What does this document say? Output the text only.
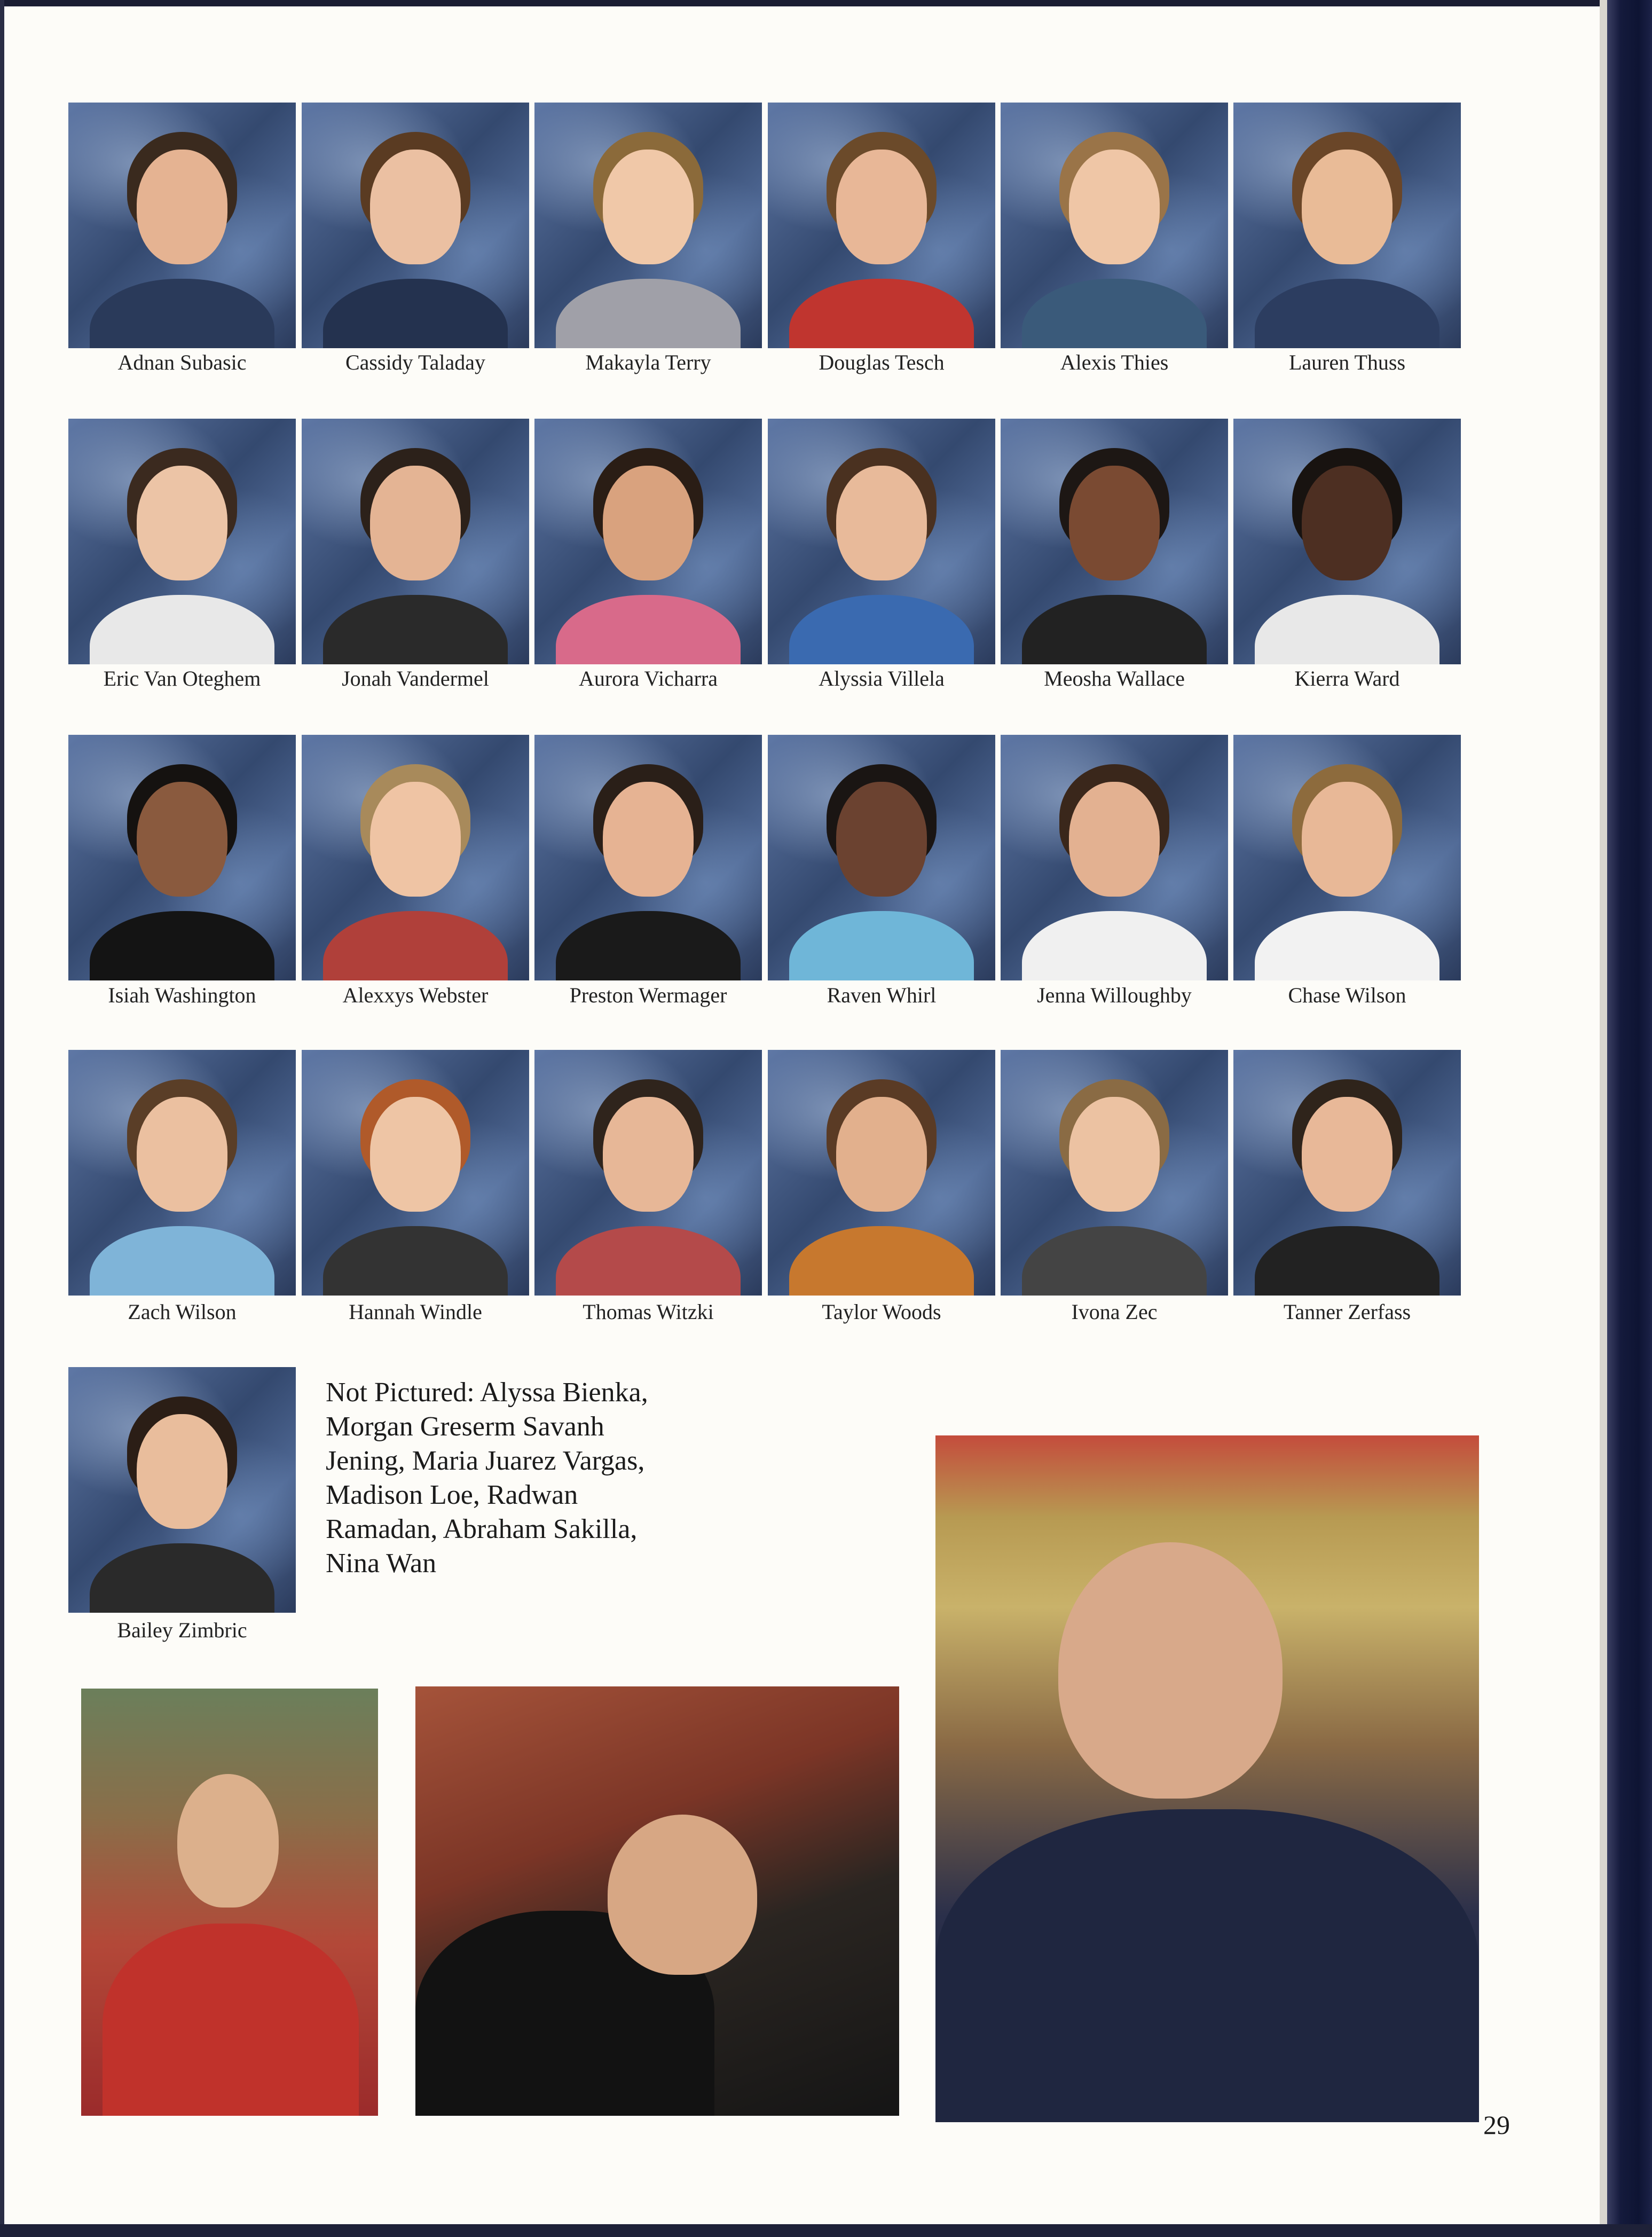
Adnan Subasic	Cassidy Taladay	Makayla Terry	Douglas Tesch	Alexis Thies	Lauren Thuss
Eric Van Oteghem	Jonah Vandermel	Aurora Vicharra	Alyssia Villela	Meosha Wallace	Kierra Ward
Isiah Washington	Alexxys Webster	Preston Wermager	Raven Whirl	Jenna Willoughby	Chase Wilson
Zach Wilson	Hannah Windle	Thomas Witzki	Taylor Woods	Ivona Zec	Tanner Zerfass
Bailey Zimbric

Not Pictured: Alyssa Bienka,
Morgan Greserm Savanh
Jening, Maria Juarez Vargas,
Madison Loe, Radwan
Ramadan, Abraham Sakilla,
Nina Wan

29
